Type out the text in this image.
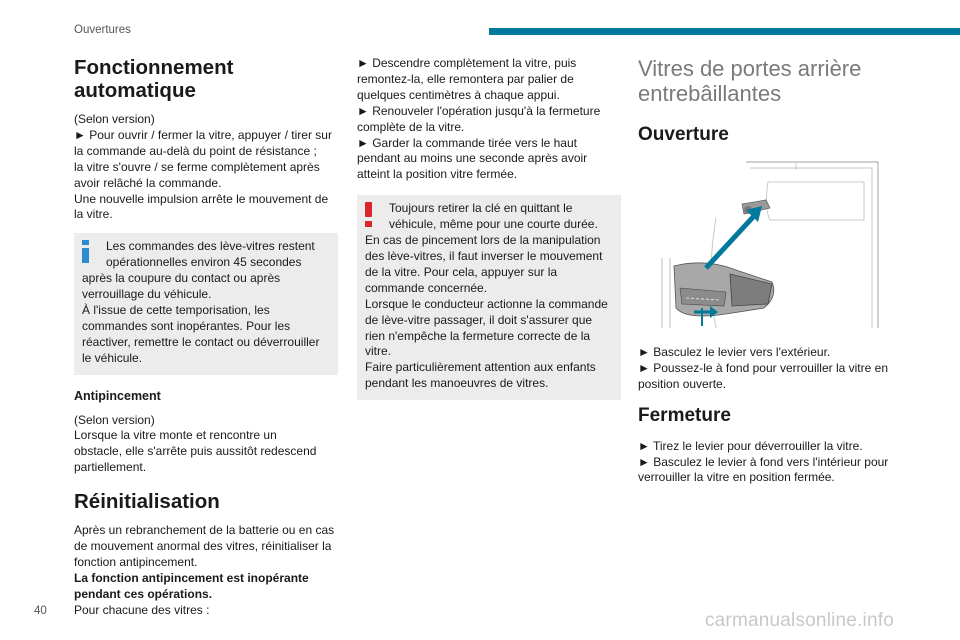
Ouvertures
Fonctionnement automatique

(Selon version)
► Pour ouvrir / fermer la vitre, appuyer / tirer sur
la commande au-delà du point de résistance ;
la vitre s'ouvre / se ferme complètement après
avoir relâché la commande.
Une nouvelle impulsion arrête le mouvement de
la vitre.

Les commandes des lève-vitres restent
opérationnelles environ 45 secondes
après la coupure du contact ou après
verrouillage du véhicule.
À l'issue de cette temporisation, les
commandes sont inopérantes. Pour les
réactiver, remettre le contact ou déverrouiller
le véhicule.
Antipincement

(Selon version)
Lorsque la vitre monte et rencontre un
obstacle, elle s'arrête puis aussitôt redescend
partiellement.

Réinitialisation

Après un rebranchement de la batterie ou en cas
de mouvement anormal des vitres, réinitialiser la
fonction antipincement.
La fonction antipincement est inopérante
pendant ces opérations.
Pour chacune des vitres :

► Descendre complètement la vitre, puis
remontez-la, elle remontera par palier de
quelques centimètres à chaque appui.
► Renouveler l'opération jusqu'à la fermeture
complète de la vitre.
► Garder la commande tirée vers le haut
pendant au moins une seconde après avoir
atteint la position vitre fermée.

Toujours retirer la clé en quittant le
véhicule, même pour une courte durée.
En cas de pincement lors de la manipulation
des lève-vitres, il faut inverser le mouvement
de la vitre. Pour cela, appuyer sur la
commande concernée.
Lorsque le conducteur actionne la commande
de lève-vitre passager, il doit s'assurer que
rien n'empêche la fermeture correcte de la
vitre.
Faire particulièrement attention aux enfants
pendant les manoeuvres de vitres.
Vitres de portes arrière entrebâillantes
Ouverture

► Basculez le levier vers l'extérieur.
► Poussez-le à fond pour verrouiller la vitre en
position ouverte.

Fermeture

► Tirez le levier pour déverrouiller la vitre.
► Basculez le levier à fond vers l'intérieur pour
verrouiller la vitre en position fermée.

40	carmanualsonline.info
